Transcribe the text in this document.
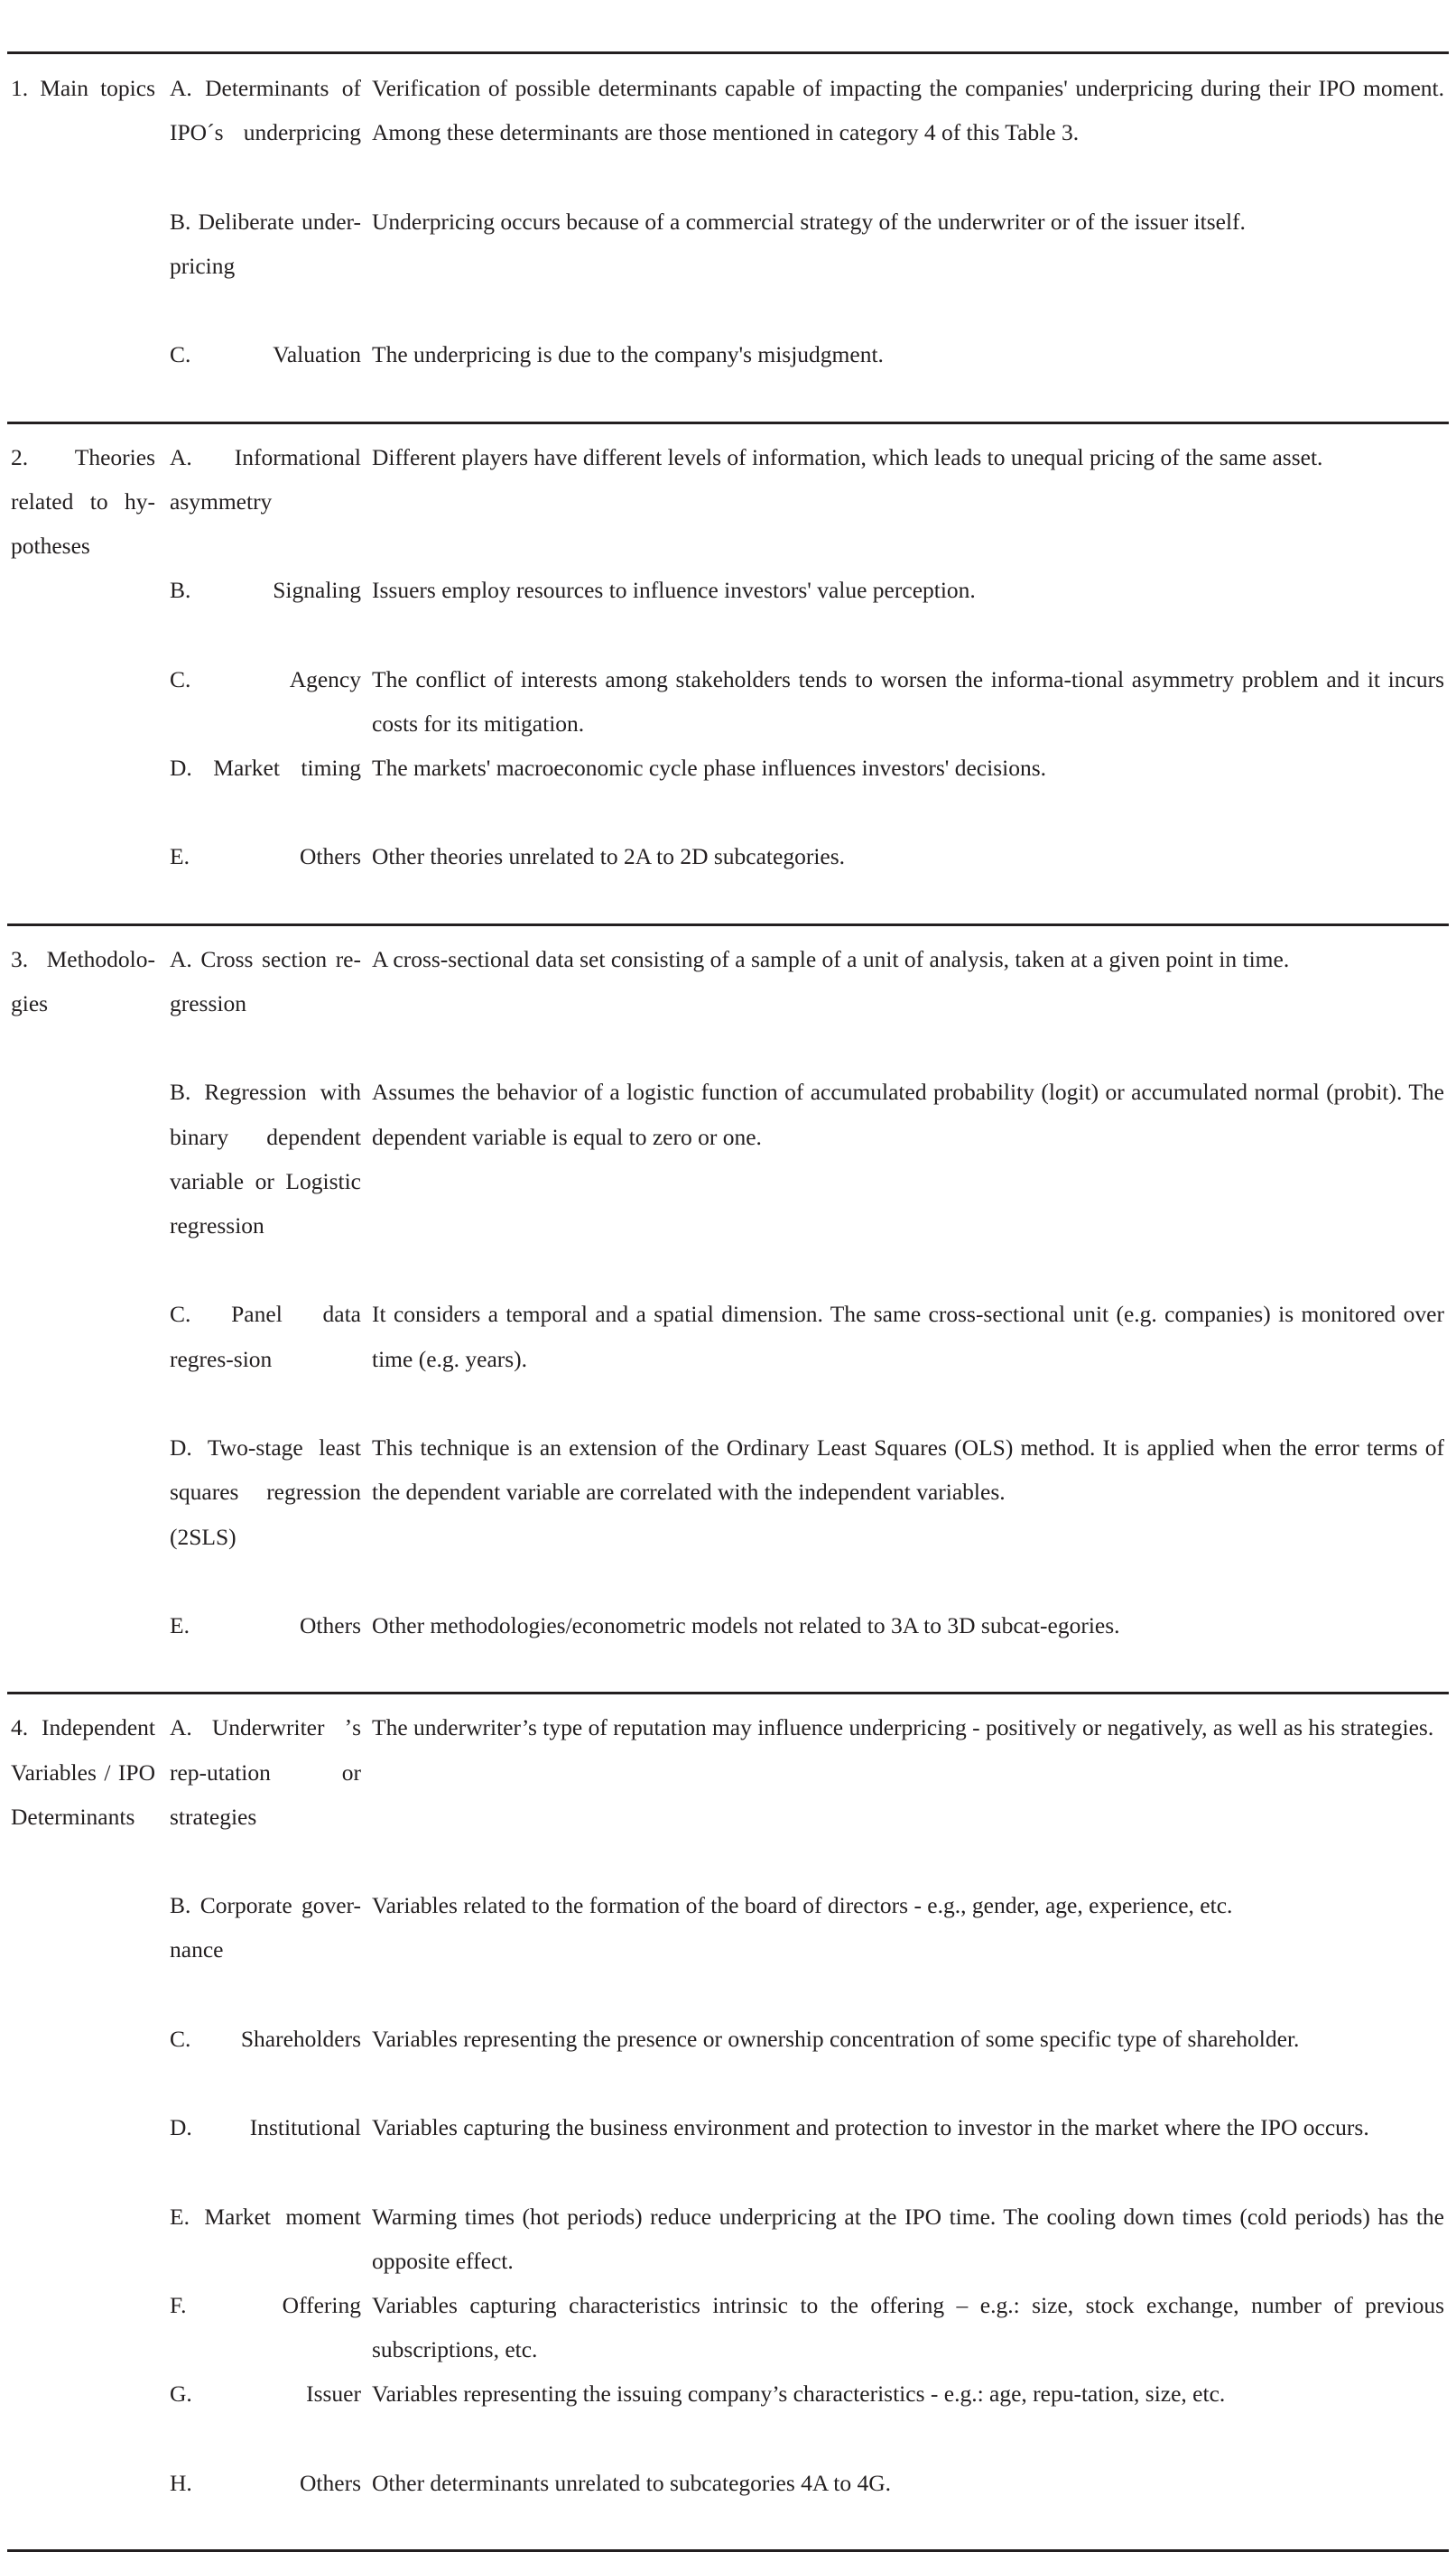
1. Main topics	A. Determinants of IPO´s underpricing	Verification of possible determinants capable of impacting the companies' underpricing during their IPO moment. Among these determinants are those mentioned in category 4 of this Table 3.

	B. Deliberate under-pricing	Underpricing occurs because of a commercial strategy of the underwriter or of the issuer itself.

	C. Valuation	The underpricing is due to the company's misjudgment.

2. Theories related to hy-potheses	A. Informational asymmetry	Different players have different levels of information, which leads to unequal pricing of the same asset.

	B. Signaling	Issuers employ resources to influence investors' value perception.

	C. Agency	The conflict of interests among stakeholders tends to worsen the informa-tional asymmetry problem and it incurs costs for its mitigation.

	D. Market timing	The markets' macroeconomic cycle phase influences investors' decisions.

	E. Others	Other theories unrelated to 2A to 2D subcategories.

3. Methodolo-gies	A. Cross section re-gression	A cross-sectional data set consisting of a sample of a unit of analysis, taken at a given point in time.

	B. Regression with binary dependent variable or Logistic regression	Assumes the behavior of a logistic function of accumulated probability (logit) or accumulated normal (probit). The dependent variable is equal to zero or one.

	C. Panel data regres-sion	It considers a temporal and a spatial dimension. The same cross-sectional unit (e.g. companies) is monitored over time (e.g. years).

	D. Two-stage least squares regression (2SLS)	This technique is an extension of the Ordinary Least Squares (OLS) method. It is applied when the error terms of the dependent variable are correlated with the independent variables.

	E. Others	Other methodologies/econometric models not related to 3A to 3D subcat-egories.

4. Independent Variables / IPO Determinants	A. Underwriter ʼs rep-utation or strategies	The underwriter’s type of reputation may influence underpricing - positively or negatively, as well as his strategies.

	B. Corporate gover-nance	Variables related to the formation of the board of directors - e.g., gender, age, experience, etc.

	C. Shareholders	Variables representing the presence or ownership concentration of some specific type of shareholder.

	D. Institutional	Variables capturing the business environment and protection to investor in the market where the IPO occurs.

	E. Market moment	Warming times (hot periods) reduce underpricing at the IPO time. The cooling down times (cold periods) has the opposite effect.

	F. Offering	Variables capturing characteristics intrinsic to the offering – e.g.: size, stock exchange, number of previous subscriptions, etc.

	G. Issuer	Variables representing the issuing company’s characteristics - e.g.: age, repu-tation, size, etc.

	H. Others	Other determinants unrelated to subcategories 4A to 4G.
